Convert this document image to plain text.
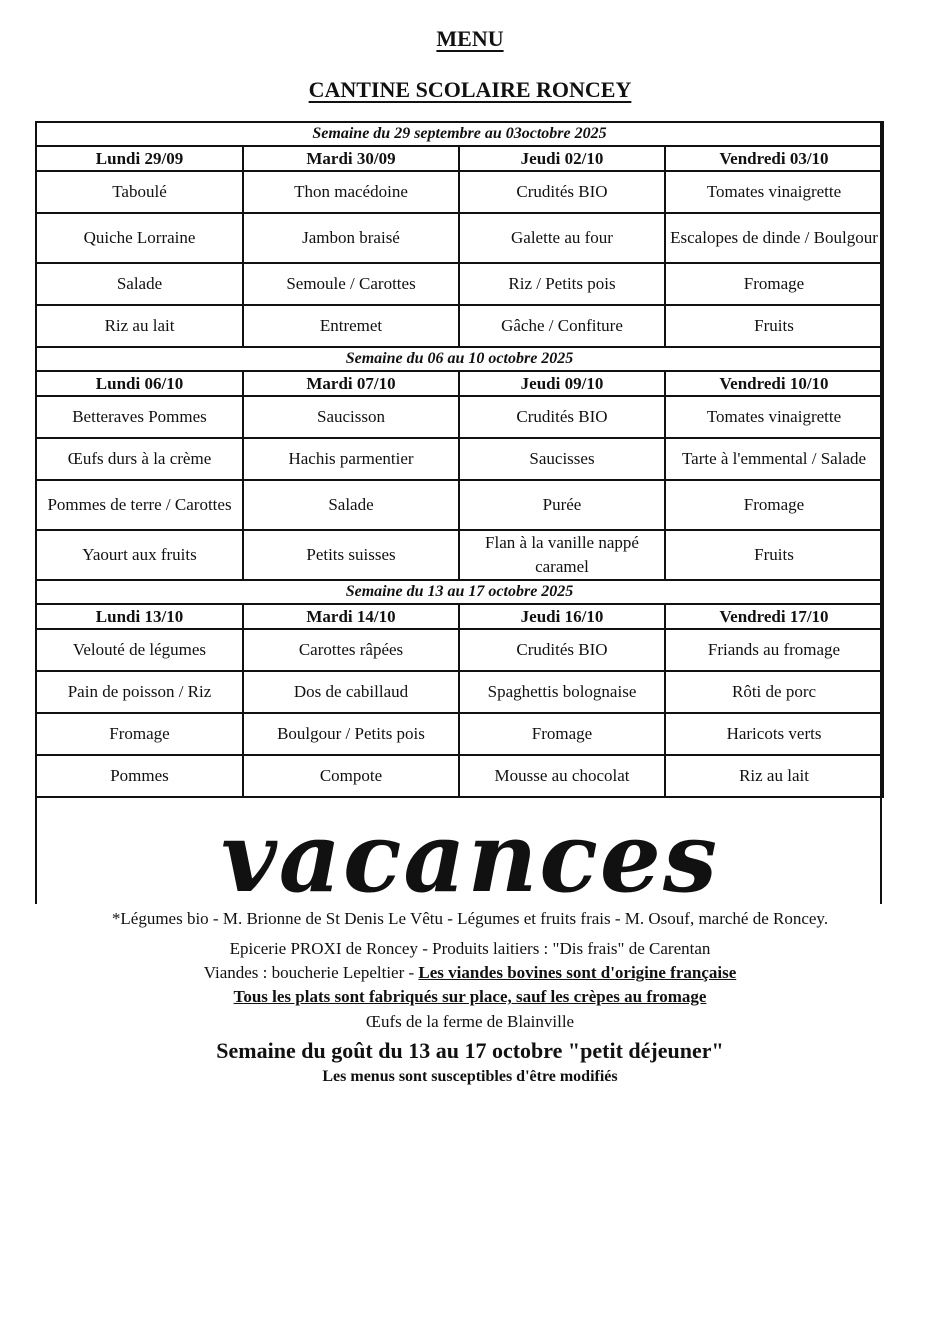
MENU
CANTINE SCOLAIRE RONCEY
Semaine du 29 septembre au 03octobre 2025			
Lundi 29/09	Mardi 30/09	Jeudi 02/10	Vendredi 03/10
Taboulé	Thon macédoine	Crudités BIO	Tomates vinaigrette
Quiche Lorraine	Jambon braisé	Galette au four	Escalopes de dinde / Boulgour
Salade	Semoule / Carottes	Riz / Petits pois	Fromage
Riz au lait	Entremet	Gâche / Confiture	Fruits
Semaine du 06 au 10 octobre 2025			
Lundi 06/10	Mardi 07/10	Jeudi 09/10	Vendredi 10/10
Betteraves Pommes	Saucisson	Crudités BIO	Tomates vinaigrette
Œufs durs à la crème	Hachis parmentier	Saucisses	Tarte à l'emmental / Salade
Pommes de terre / Carottes	Salade	Purée	Fromage
Yaourt aux fruits	Petits suisses	Flan à la vanille nappé caramel	Fruits
Semaine du 13 au 17 octobre 2025			
Lundi 13/10	Mardi 14/10	Jeudi 16/10	Vendredi 17/10
Velouté de légumes	Carottes râpées	Crudités BIO	Friands au fromage
Pain de poisson / Riz	Dos de cabillaud	Spaghettis bolognaise	Rôti de porc
Fromage	Boulgour / Petits pois	Fromage	Haricots verts
Pommes	Compote	Mousse au chocolat	Riz au lait
vacances
*Légumes bio - M. Brionne de St Denis Le Vêtu - Légumes et fruits frais - M. Osouf, marché de Roncey.
Epicerie PROXI de Roncey - Produits laitiers : "Dis frais" de Carentan
Viandes : boucherie Lepeltier - Les viandes bovines sont d'origine française
Tous les plats sont fabriqués sur place, sauf les crèpes au fromage
Œufs de la ferme de Blainville
Semaine du goût du 13 au 17 octobre "petit déjeuner"
Les menus sont susceptibles d'être modifiés
